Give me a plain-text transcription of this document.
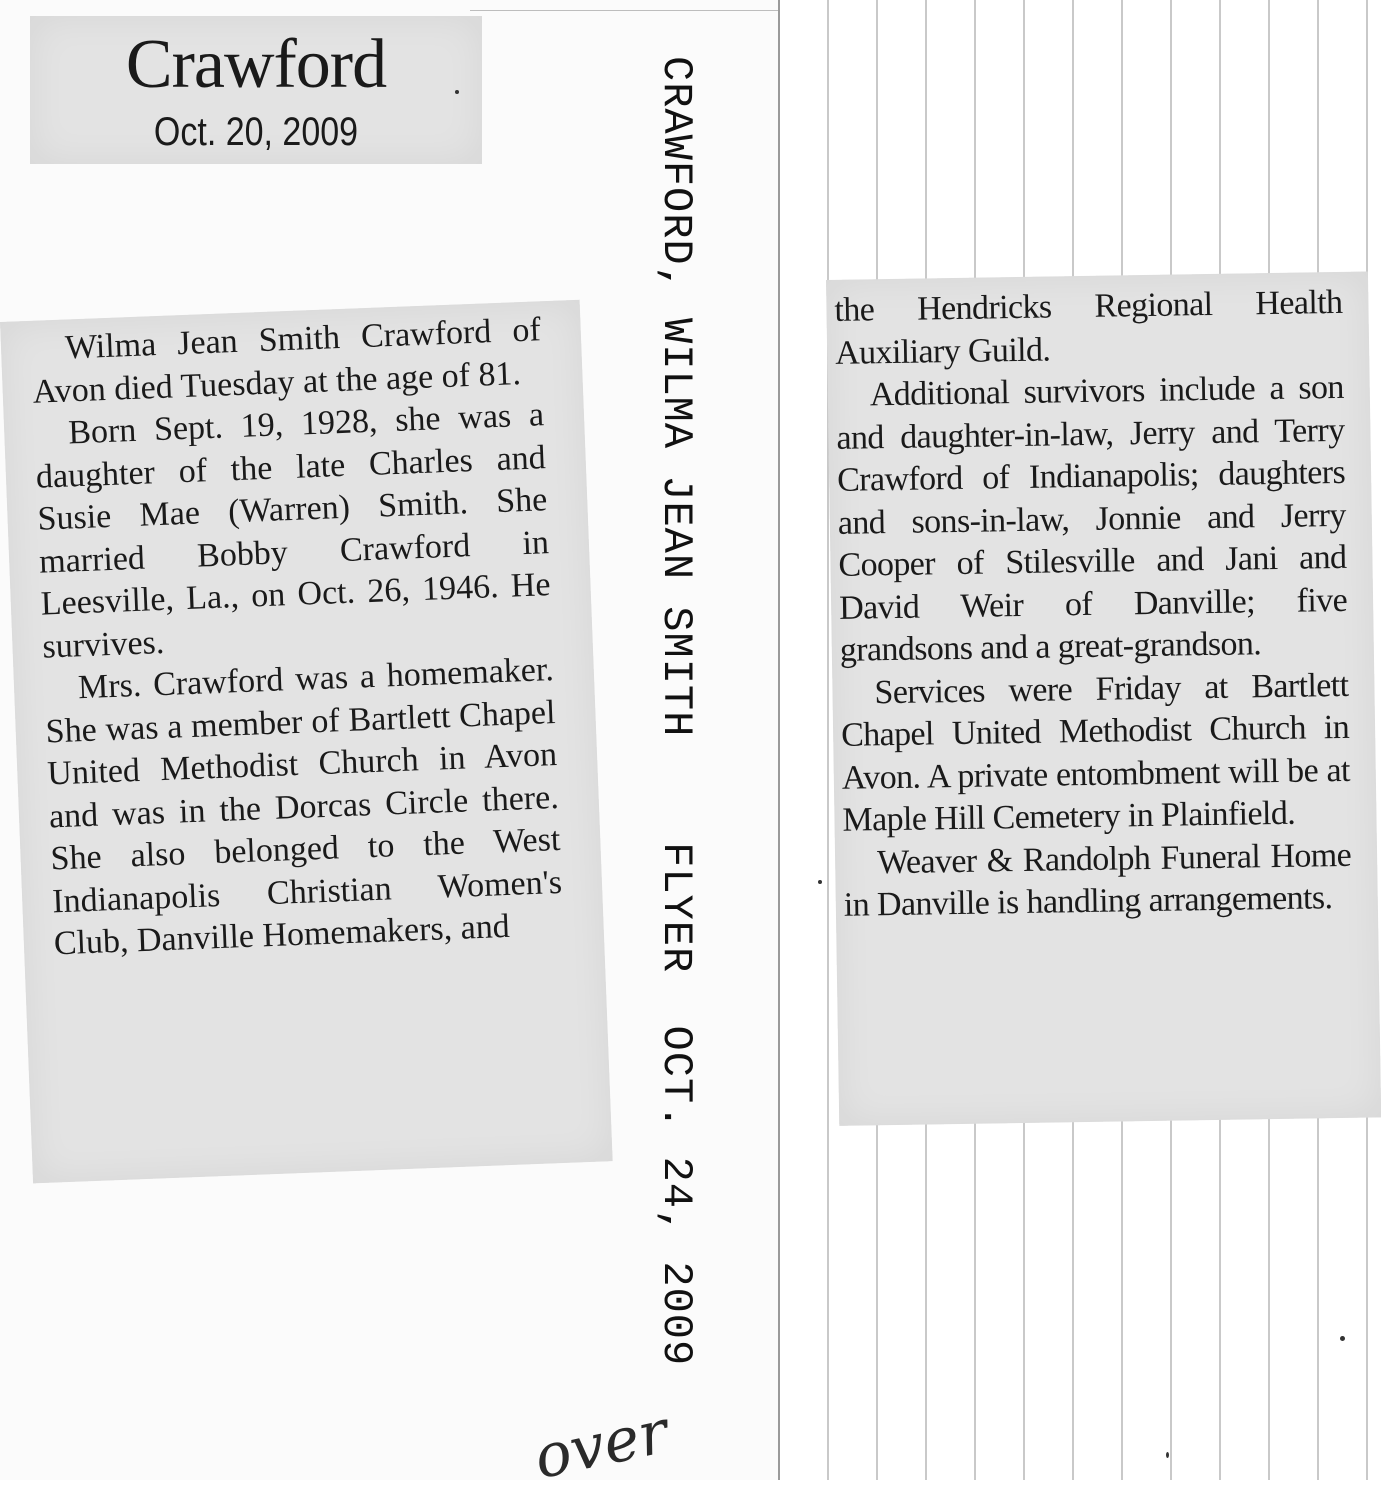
Crawford
Oct. 20, 2009

Wilma Jean Smith Crawford of Avon died Tuesday at the age of 81.

Born Sept. 19, 1928, she was a daughter of the late Charles and Susie Mae (Warren) Smith. She married Bobby Crawford in Leesville, La., on Oct. 26, 1946. He survives.

Mrs. Crawford was a homemaker. She was a member of Bartlett Chapel United Methodist Church in Avon and was in the Dorcas Circle there. She also belonged to the West Indianapolis Christian Women's Club, Danville Homemakers, and	CRAWFORD, WILMA JEAN SMITH    FLYER  OCT. 24, 2009
over

the Hendricks Regional Health Auxiliary Guild.

Additional survivors include a son and daughter-in-law, Jerry and Terry Crawford of Indianapolis; daughters and sons-in-law, Jonnie and Jerry Cooper of Stilesville and Jani and David Weir of Danville; five grandsons and a great-grandson.

Services were Friday at Bartlett Chapel United Methodist Church in Avon. A private entombment will be at Maple Hill Cemetery in Plainfield.

Weaver & Randolph Funeral Home in Danville is handling arrangements.
